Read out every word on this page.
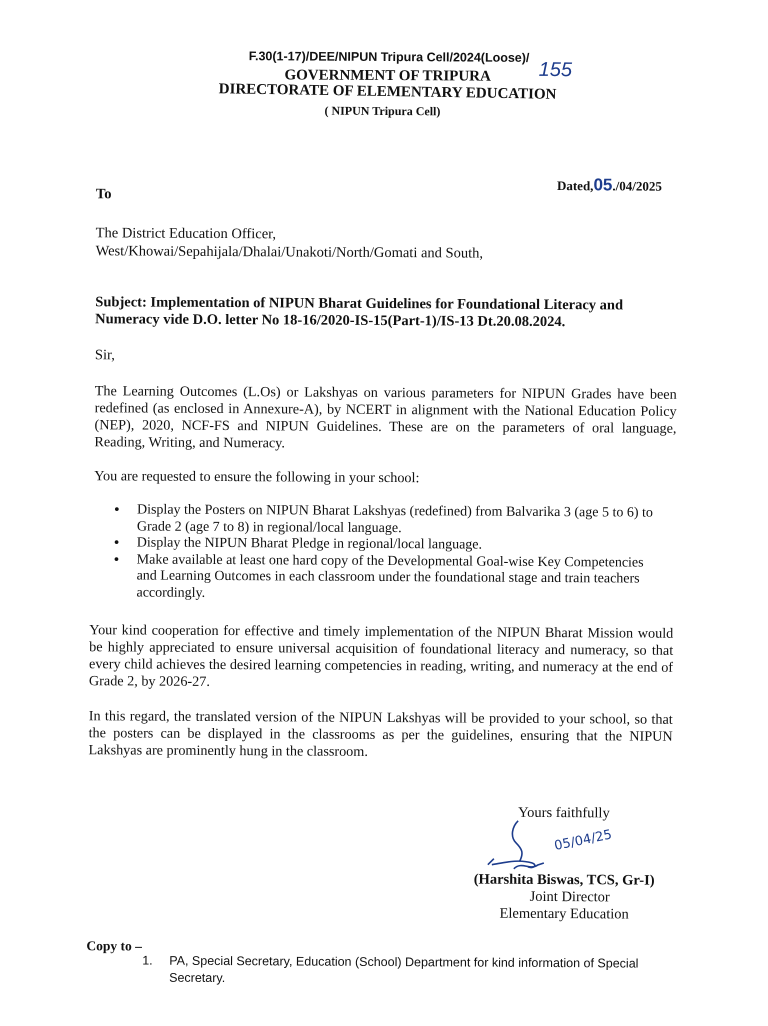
F.30(1-17)/DEE/NIPUN Tripura Cell/2024(Loose)/
155
GOVERNMENT OF TRIPURA
DIRECTORATE OF ELEMENTARY EDUCATION
( NIPUN Tripura Cell)
Dated,05./04/2025
To
The District Education Officer,
West/Khowai/Sepahijala/Dhalai/Unakoti/North/Gomati and South,
Subject: Implementation of NIPUN Bharat Guidelines for Foundational Literacy and
Numeracy vide D.O. letter No 18-16/2020-IS-15(Part-1)/IS-13 Dt.20.08.2024.
Sir,
The Learning Outcomes (L.Os) or Lakshyas on various parameters for NIPUN Grades have been redefined (as enclosed in Annexure-A), by NCERT in alignment with the National Education Policy (NEP), 2020, NCF-FS and NIPUN Guidelines. These are on the parameters of oral language, Reading, Writing, and Numeracy.
You are requested to ensure the following in your school:
• Display the Posters on NIPUN Bharat Lakshyas (redefined) from Balvarika 3 (age 5 to 6) to Grade 2 (age 7 to 8) in regional/local language.
• Display the NIPUN Bharat Pledge in regional/local language.
• Make available at least one hard copy of the Developmental Goal-wise Key Competencies and Learning Outcomes in each classroom under the foundational stage and train teachers accordingly.
Your kind cooperation for effective and timely implementation of the NIPUN Bharat Mission would be highly appreciated to ensure universal acquisition of foundational literacy and numeracy, so that every child achieves the desired learning competencies in reading, writing, and numeracy at the end of Grade 2, by 2026-27.
In this regard, the translated version of the NIPUN Lakshyas will be provided to your school, so that the posters can be displayed in the classrooms as per the guidelines, ensuring that the NIPUN Lakshyas are prominently hung in the classroom.
Yours faithfully
05/04/25
(Harshita Biswas, TCS, Gr-I)
Joint Director
Elementary Education
Copy to –
1. PA, Special Secretary, Education (School) Department for kind information of Special
Secretary.
